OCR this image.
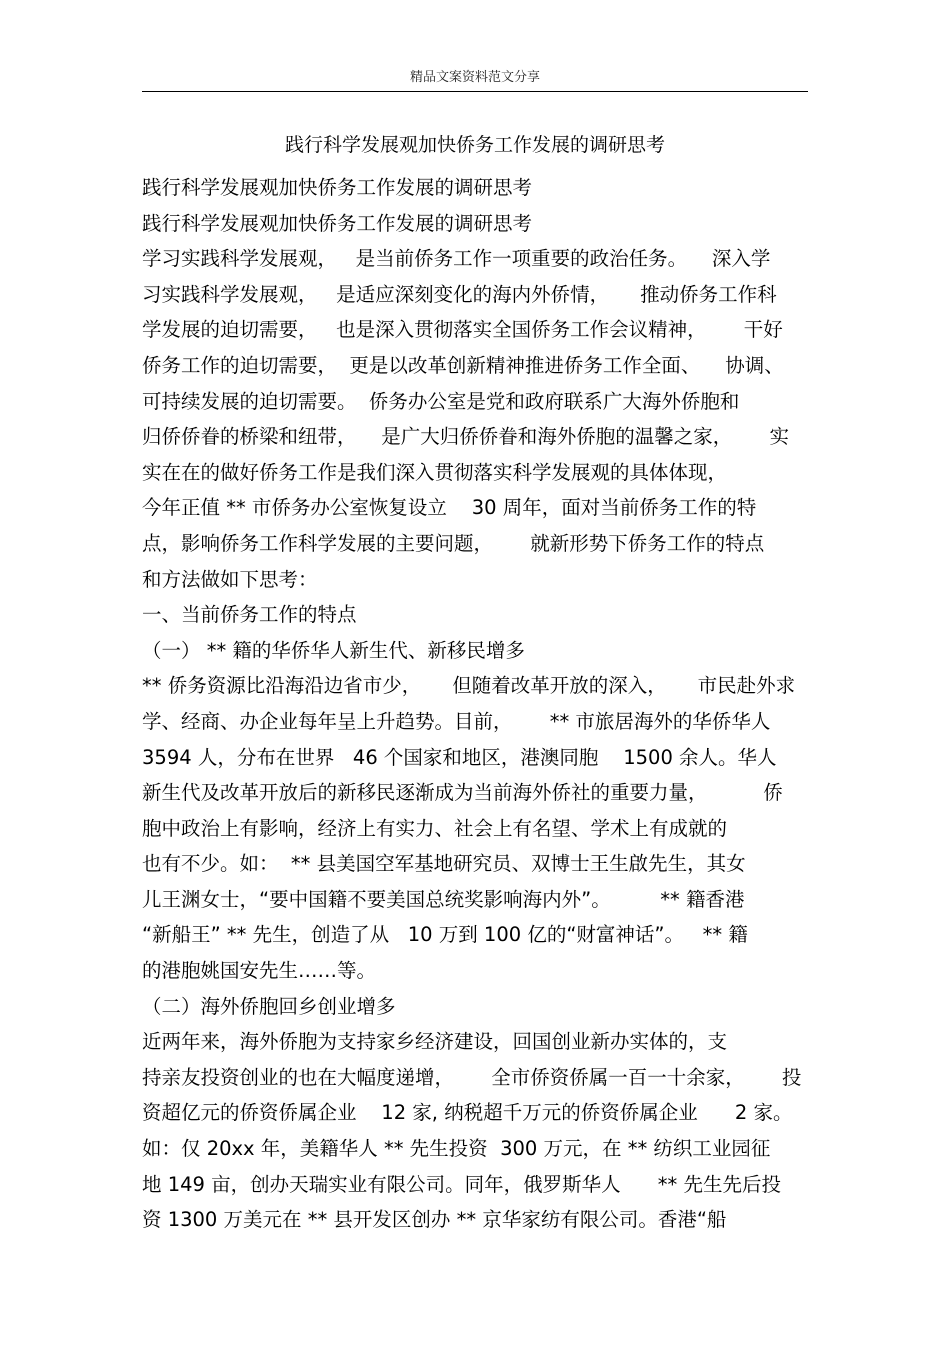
精品文案资料范文分享
践行科学发展观加快侨务工作发展的调研思考
践行科学发展观加快侨务工作发展的调研思考
践行科学发展观加快侨务工作发展的调研思考
学习实践科学发展观，   是当前侨务工作一项重要的政治任务。    深入学
习实践科学发展观，   是适应深刻变化的海内外侨情，     推动侨务工作科
学发展的迫切需要，   也是深入贯彻落实全国侨务工作会议精神，      干好
侨务工作的迫切需要，  更是以改革创新精神推进侨务工作全面、    协调、
可持续发展的迫切需要。  侨务办公室是党和政府联系广大海外侨胞和
归侨侨眷的桥梁和纽带，    是广大归侨侨眷和海外侨胞的温馨之家，      实
实在在的做好侨务工作是我们深入贯彻落实科学发展观的具体体现，
今年正值 ** 市侨务办公室恢复设立    30 周年，面对当前侨务工作的特
点，影响侨务工作科学发展的主要问题，      就新形势下侨务工作的特点
和方法做如下思考：
一、当前侨务工作的特点
（一） ** 籍的华侨华人新生代、新移民增多
** 侨务资源比沿海沿边省市少，     但随着改革开放的深入，     市民赴外求
学、经商、办企业每年呈上升趋势。目前，      ** 市旅居海外的华侨华人
3594 人，分布在世界   46 个国家和地区，港澳同胞    1500 余人。华人
新生代及改革开放后的新移民逐渐成为当前海外侨社的重要力量，         侨
胞中政治上有影响，经济上有实力、社会上有名望、学术上有成就的
也有不少。如：  ** 县美国空军基地研究员、双博士王生啟先生，其女
儿王渊女士，“要中国籍不要美国总统奖影响海内外”。        ** 籍香港
“新船王” ** 先生，创造了从   10 万到 100 亿的“财富神话”。   ** 籍
的港胞姚国安先生……等。
（二）海外侨胞回乡创业增多
近两年来，海外侨胞为支持家乡经济建设，回国创业新办实体的，支
持亲友投资创业的也在大幅度递增，      全市侨资侨属一百一十余家，      投
资超亿元的侨资侨属企业    12 家, 纳税超千万元的侨资侨属企业      2 家。
如：仅 20xx 年，美籍华人 ** 先生投资  300 万元，在 ** 纺织工业园征
地 149 亩，创办天瑞实业有限公司。同年，俄罗斯华人      ** 先生先后投
资 1300 万美元在 ** 县开发区创办 ** 京华家纺有限公司。香港“船
